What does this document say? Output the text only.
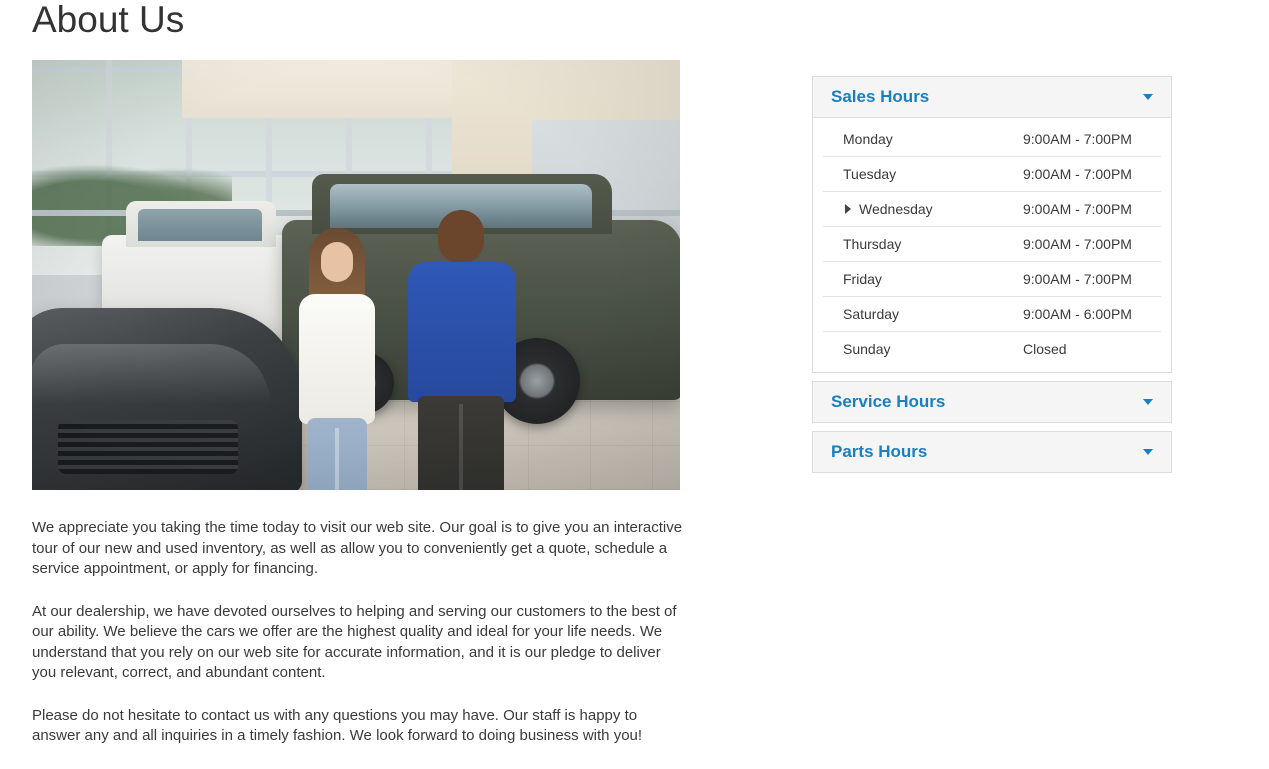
About Us

We appreciate you taking the time today to visit our web site. Our goal is to give you an interactive tour of our new and used inventory, as well as allow you to conveniently get a quote, schedule a service appointment, or apply for financing.

At our dealership, we have devoted ourselves to helping and serving our customers to the best of our ability. We believe the cars we offer are the highest quality and ideal for your life needs. We understand that you rely on our web site for accurate information, and it is our pledge to deliver you relevant, correct, and abundant content.

Please do not hesitate to contact us with any questions you may have. Our staff is happy to answer any and all inquiries in a timely fashion. We look forward to doing business with you!

Sales Hours
Monday	9:00AM - 7:00PM
Tuesday	9:00AM - 7:00PM
Wednesday	9:00AM - 7:00PM
Thursday	9:00AM - 7:00PM
Friday	9:00AM - 7:00PM
Saturday	9:00AM - 6:00PM
Sunday	Closed
Service Hours
Parts Hours
